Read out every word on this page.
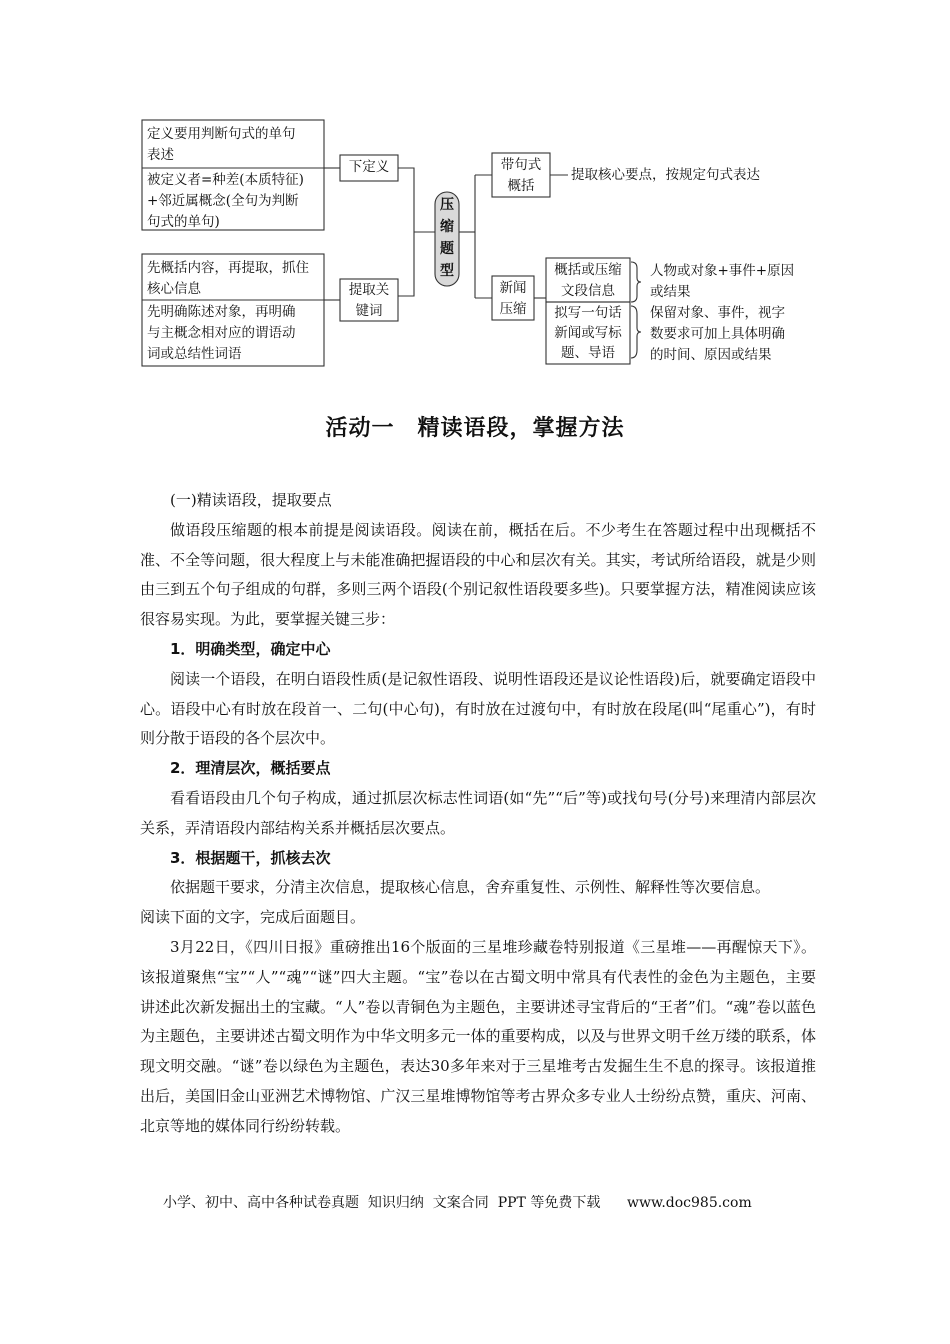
定义要用判断句式的单句
表述
被定义者=种差(本质特征)
+邻近属概念(全句为判断
句式的单句)
先概括内容，再提取，抓住
核心信息
先明确陈述对象，再明确
与主概念相对应的谓语动
词或总结性词语
下定义
提取关
键词
压
缩
题
型
带句式
概括
提取核心要点，按规定句式表达
新闻
压缩
概括或压缩
文段信息
拟写一句话
新闻或写标
题、导语
人物或对象+事件+原因
或结果
保留对象、事件，视字
数要求可加上具体明确
的时间、原因或结果
活动一　精读语段，掌握方法

(一)精读语段，提取要点

做语段压缩题的根本前提是阅读语段。阅读在前，概括在后。不少考生在答题过程中出现概括不准、不全等问题，很大程度上与未能准确把握语段的中心和层次有关。其实，考试所给语段，就是少则由三到五个句子组成的句群，多则三两个语段(个别记叙性语段要多些)。只要掌握方法，精准阅读应该很容易实现。为此，要掌握关键三步：

1．明确类型，确定中心

阅读一个语段，在明白语段性质(是记叙性语段、说明性语段还是议论性语段)后，就要确定语段中心。语段中心有时放在段首一、二句(中心句)，有时放在过渡句中，有时放在段尾(叫“尾重心”)，有时则分散于语段的各个层次中。

2．理清层次，概括要点

看看语段由几个句子构成，通过抓层次标志性词语(如“先”“后”等)或找句号(分号)来理清内部层次关系，弄清语段内部结构关系并概括层次要点。

3．根据题干，抓核去次

依据题干要求，分清主次信息，提取核心信息，舍弃重复性、示例性、解释性等次要信息。

阅读下面的文字，完成后面题目。

3月22日，《四川日报》重磅推出16个版面的三星堆珍藏卷特别报道《三星堆——再醒惊天下》。该报道聚焦“宝”“人”“魂”“谜”四大主题。“宝”卷以在古蜀文明中常具有代表性的金色为主题色，主要讲述此次新发掘出土的宝藏。“人”卷以青铜色为主题色，主要讲述寻宝背后的“王者”们。“魂”卷以蓝色为主题色，主要讲述古蜀文明作为中华文明多元一体的重要构成，以及与世界文明千丝万缕的联系，体现文明交融。“谜”卷以绿色为主题色，表达30多年来对于三星堆考古发掘生生不息的探寻。该报道推出后，美国旧金山亚洲艺术博物馆、广汉三星堆博物馆等考古界众多专业人士纷纷点赞，重庆、河南、北京等地的媒体同行纷纷转载。

小学、初中、高中各种试卷真题  知识归纳  文案合同  PPT 等免费下载      www.doc985.com
